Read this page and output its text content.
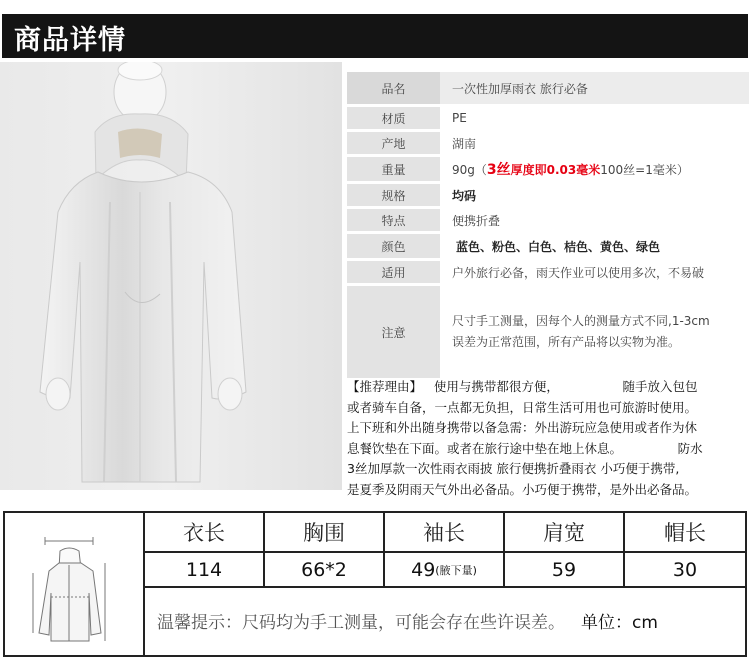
商品详情
品名	一次性加厚雨衣 旅行必备
材质	PE
产地	湖南
重量	90g（ 3丝 厚度即0.03毫米 100丝=1毫米）
规格	均码
特点	便携折叠
颜色	蓝色、粉色、白色、桔色、黄色、绿色
适用	户外旅行必备，雨天作业可以使用多次，不易破
注意
尺寸手工测量，因每个人的测量方式不同,1-3cm
误差为正常范围，所有产品将以实物为准。
【推荐理由】   使用与携带都很方便，                随手放入包包
或者骑车自备，一点都无负担，日常生活可用也可旅游时使用。
上下班和外出随身携带以备急需：外出游玩应急使用或者作为休
息餐饮垫在下面。或者在旅行途中垫在地上休息。              防水
3丝加厚款一次性雨衣雨披 旅行便携折叠雨衣 小巧便于携带,
是夏季及阴雨天气外出必备品。小巧便于携带，是外出必备品。
衣长	胸围	袖长	肩宽	帽长
114	66*2	49 (腋下量)	59	30
温馨提示：尺码均为手工测量，可能会存在些许误差。 单位：cm
